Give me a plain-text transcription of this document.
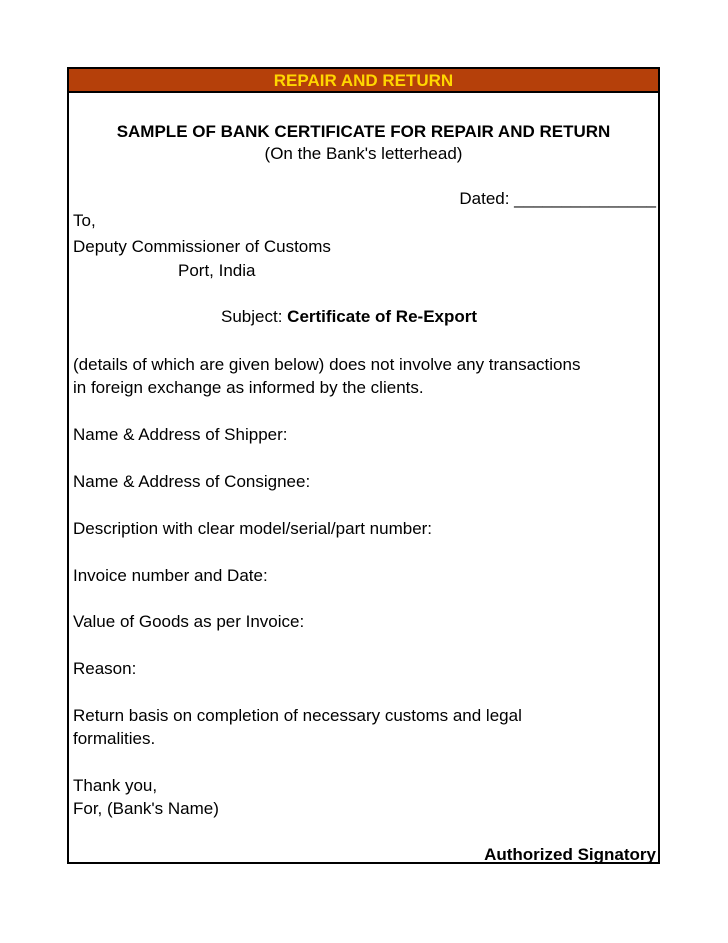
REPAIR AND RETURN
SAMPLE OF BANK CERTIFICATE FOR REPAIR AND RETURN
(On the Bank's letterhead)
Dated: _______________
To,
Deputy Commissioner of Customs
Port, India
Subject: Certificate of Re-Export
(details of which are given below) does not involve any transactions
in foreign exchange as informed by the clients.
Name & Address of Shipper:
Name & Address of Consignee:
Description with clear model/serial/part number:
Invoice number and Date:
Value of Goods as per Invoice:
Reason:
Return basis on completion of necessary customs and legal
formalities.
Thank you,
For, (Bank's Name)
Authorized Signatory
